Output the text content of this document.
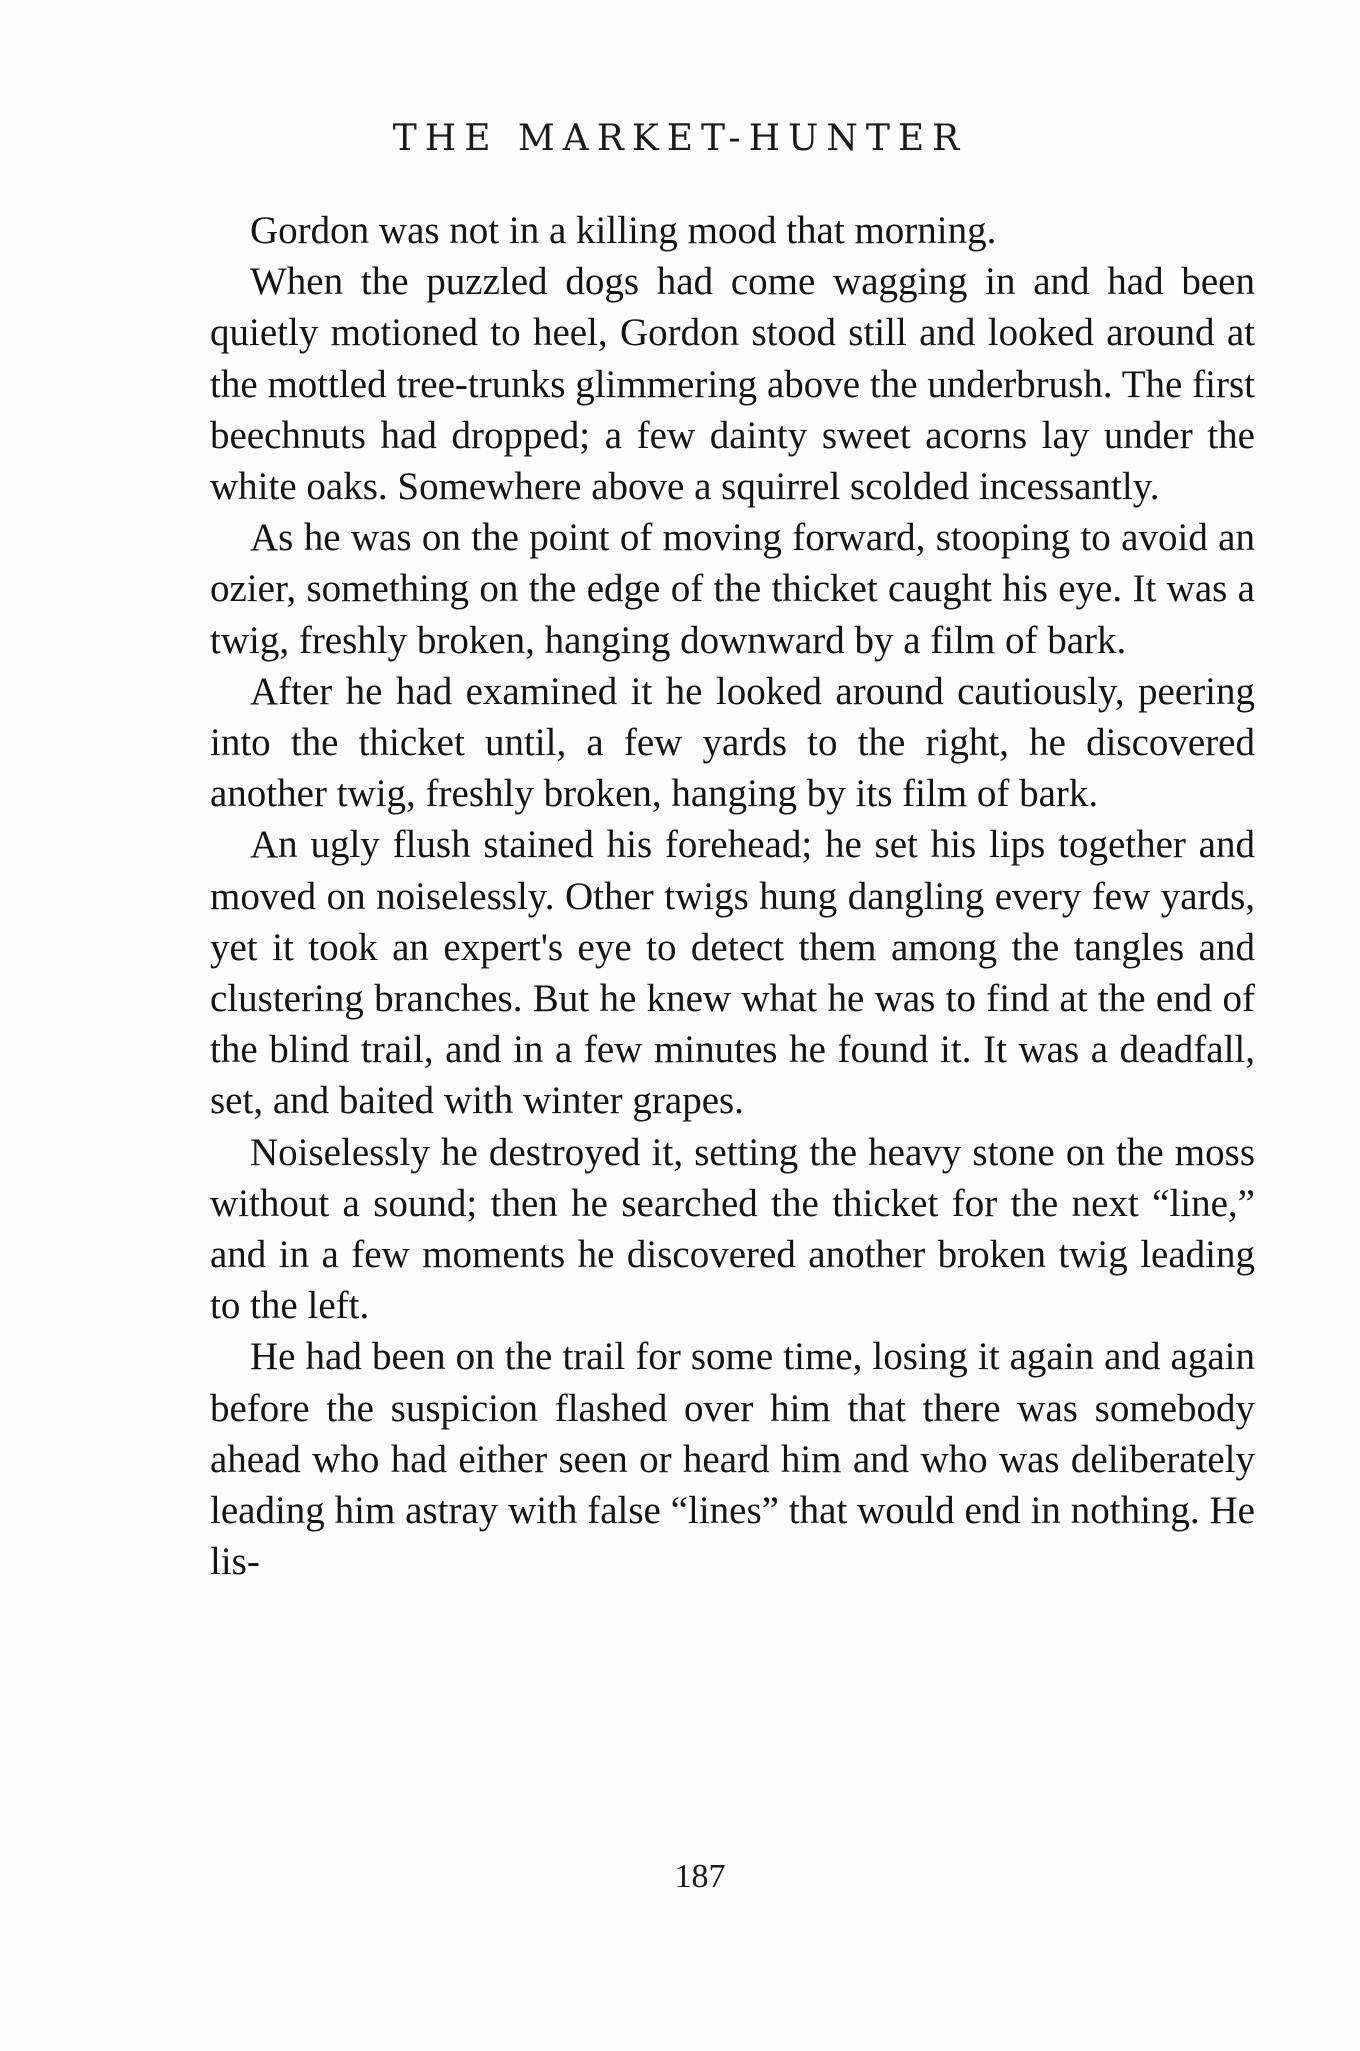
THE MARKET-HUNTER

Gordon was not in a killing mood that morning.

When the puzzled dogs had come wagging in and had been quietly motioned to heel, Gordon stood still and looked around at the mottled tree-trunks glimmering above the underbrush. The first beechnuts had dropped; a few dainty sweet acorns lay under the white oaks. Somewhere above a squirrel scolded incessantly.

As he was on the point of moving forward, stooping to avoid an ozier, something on the edge of the thicket caught his eye. It was a twig, freshly broken, hanging downward by a film of bark.

After he had examined it he looked around cautiously, peering into the thicket until, a few yards to the right, he discovered another twig, freshly broken, hanging by its film of bark.

An ugly flush stained his forehead; he set his lips together and moved on noiselessly. Other twigs hung dangling every few yards, yet it took an expert's eye to detect them among the tangles and clustering branches. But he knew what he was to find at the end of the blind trail, and in a few minutes he found it. It was a deadfall, set, and baited with winter grapes.

Noiselessly he destroyed it, setting the heavy stone on the moss without a sound; then he searched the thicket for the next “line,” and in a few moments he discovered another broken twig leading to the left.

He had been on the trail for some time, losing it again and again before the suspicion flashed over him that there was somebody ahead who had either seen or heard him and who was deliberately leading him astray with false “lines” that would end in nothing. He lis-

187
